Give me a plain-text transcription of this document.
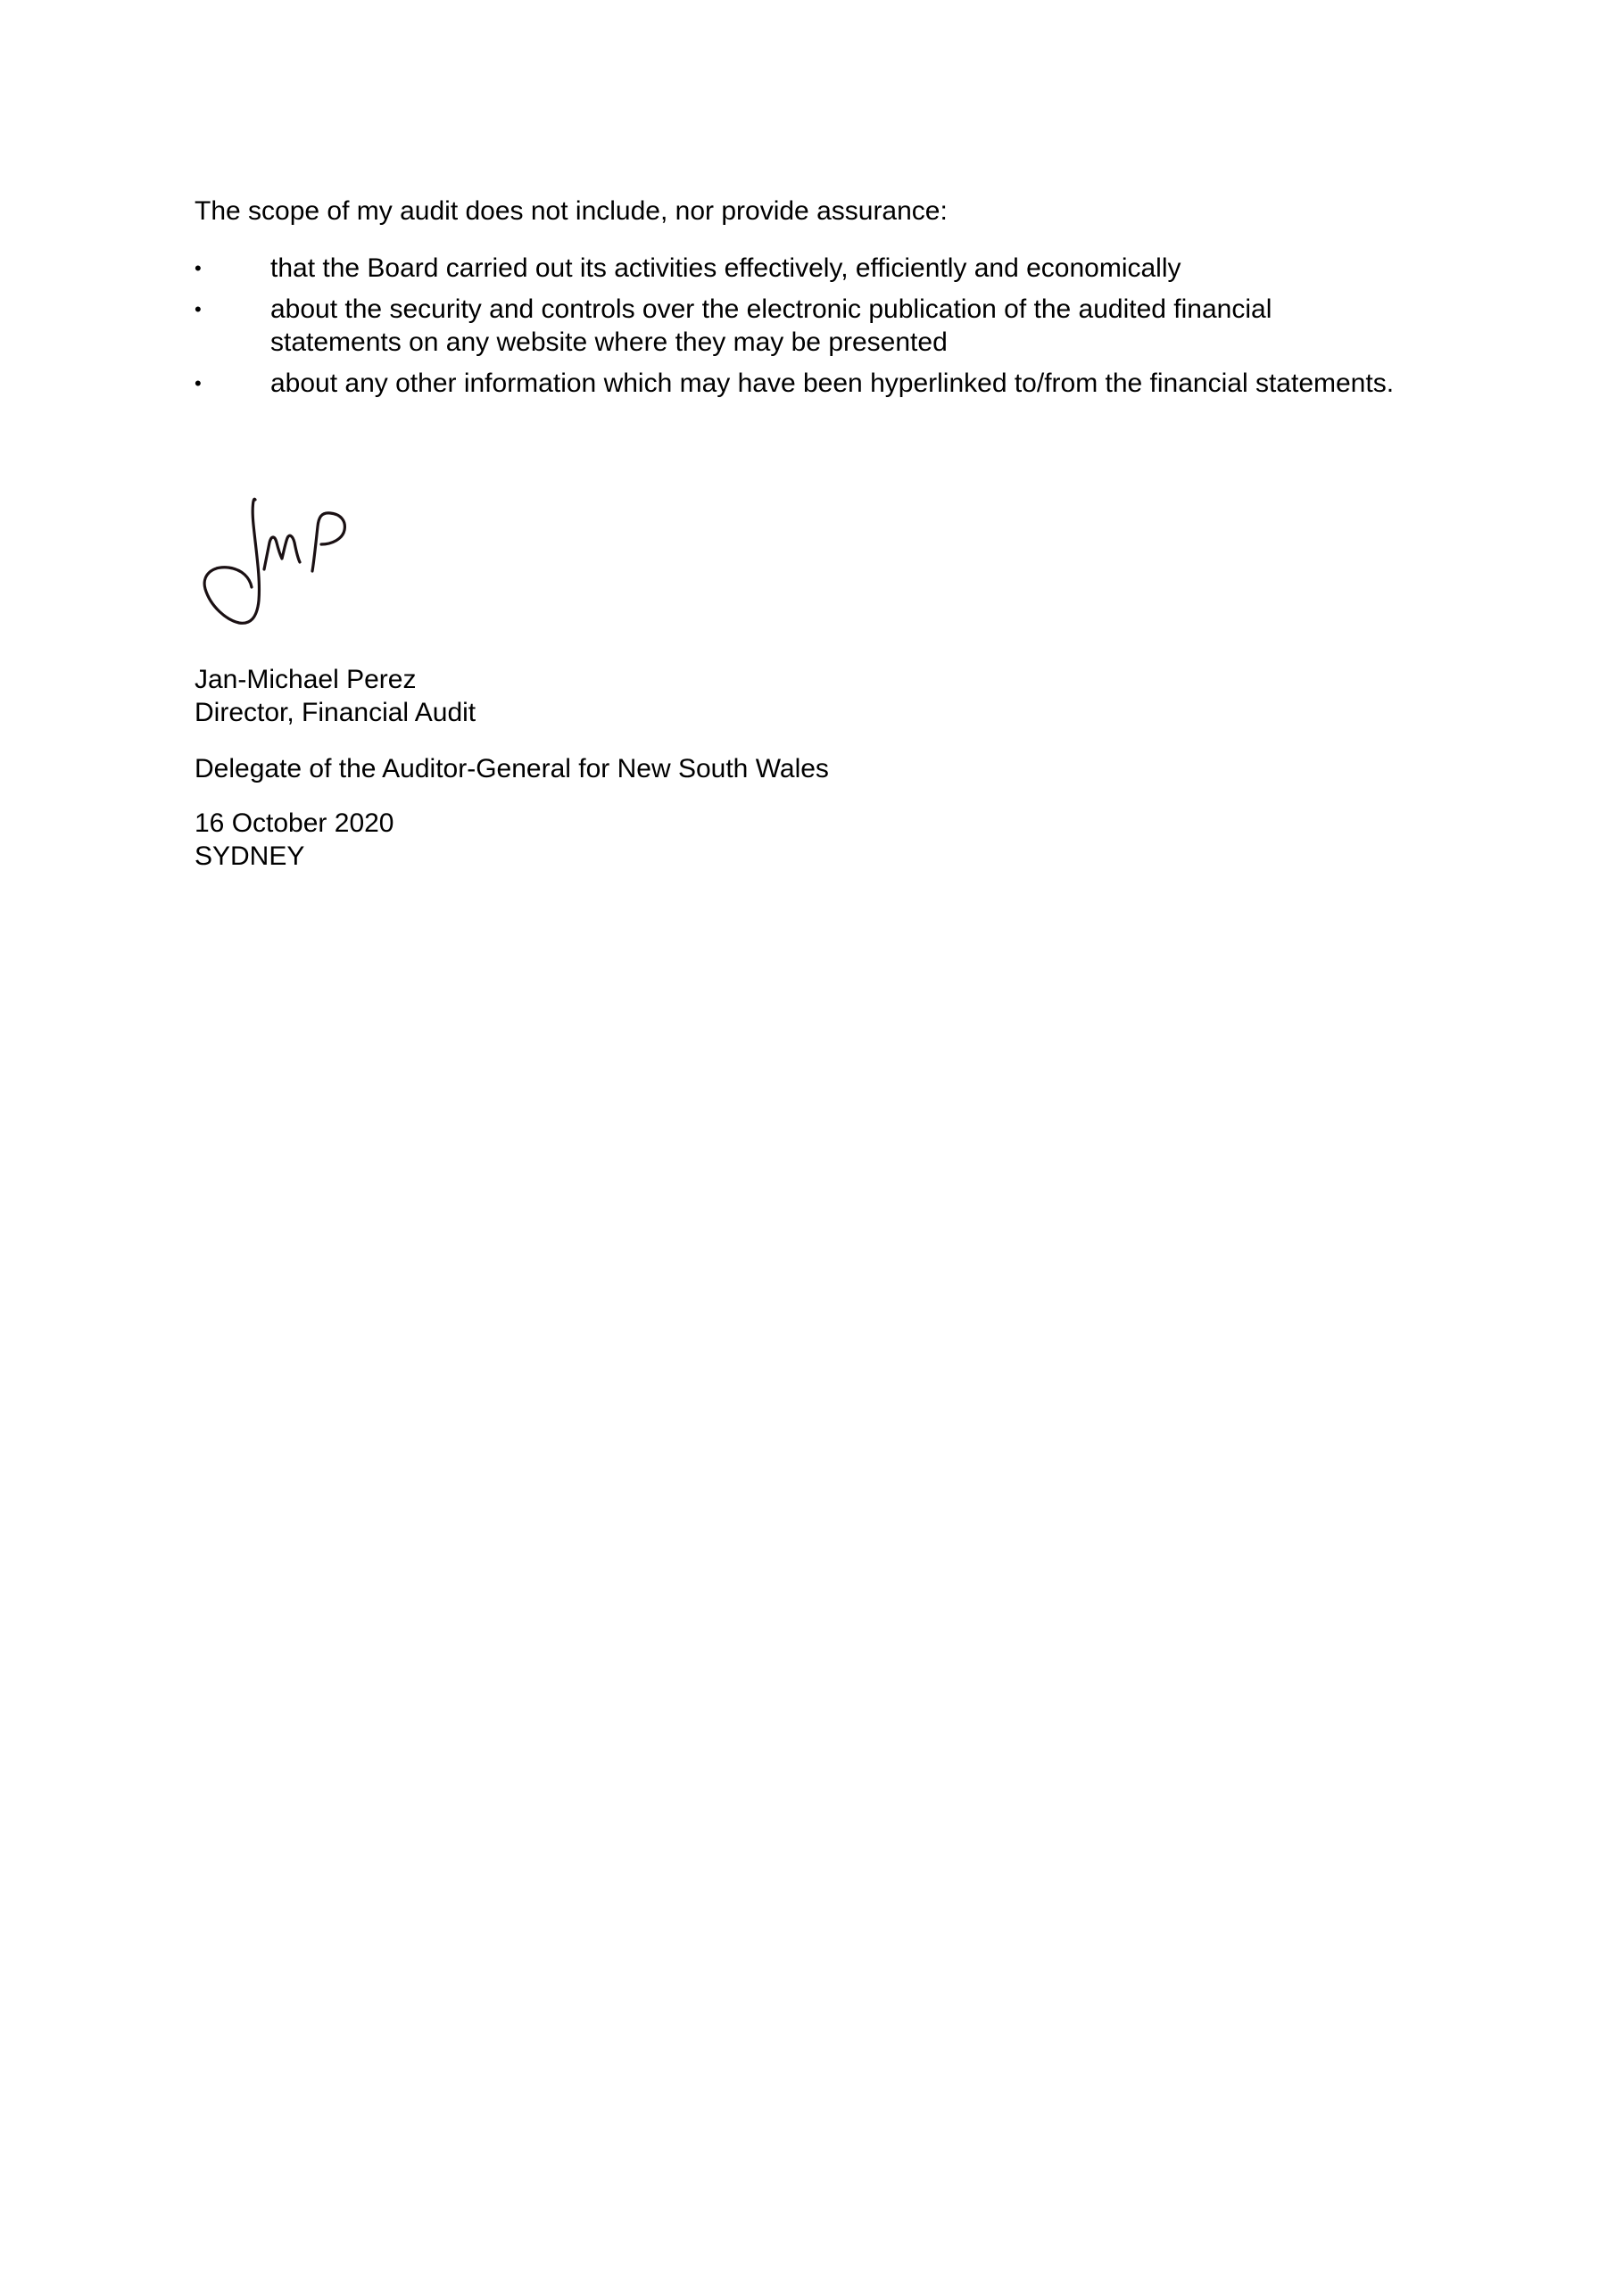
The scope of my audit does not include, nor provide assurance:
•	that the Board carried out its activities effectively, efficiently and economically
•	about the security and controls over the electronic publication of the audited financial
statements on any website where they may be presented
•	about any other information which may have been hyperlinked to/from the financial statements.
Jan-Michael Perez
Director, Financial Audit
Delegate of the Auditor-General for New South Wales
16 October 2020
SYDNEY
